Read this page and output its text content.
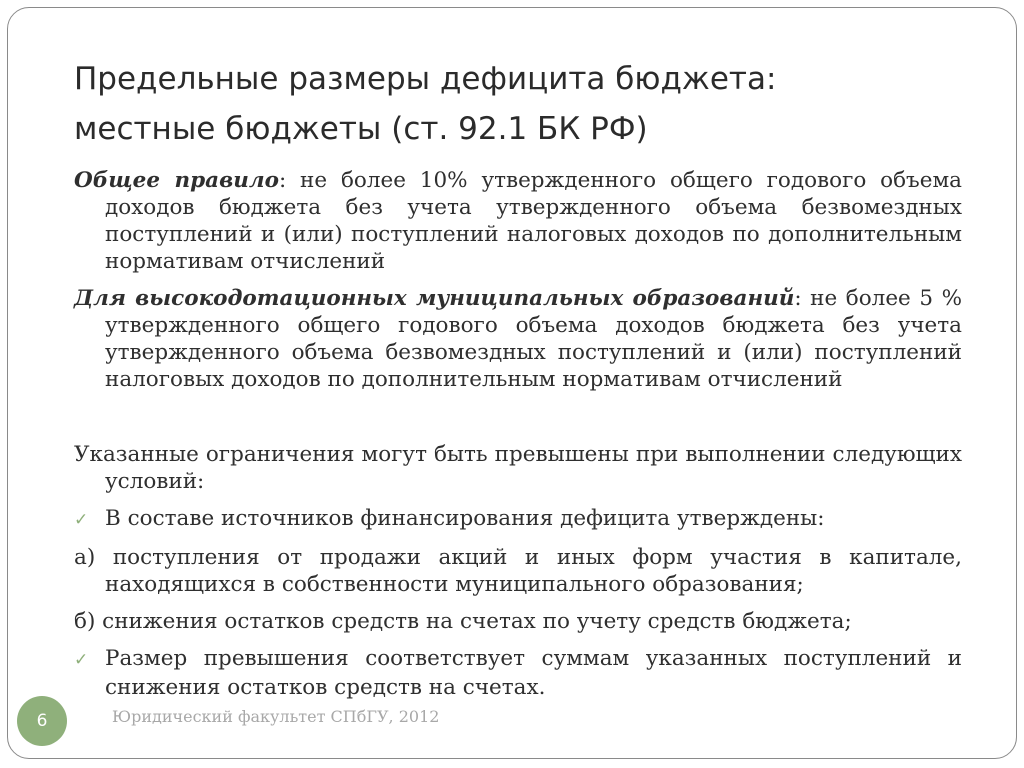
Предельные размеры дефицита бюджета:
местные бюджеты (ст. 92.1 БК РФ)
Общее правило: не более 10% утвержденного общего годового объема доходов бюджета без учета утвержденного объема безвомездных поступлений и (или) поступлений налоговых доходов по дополнительным нормативам отчислений
Для высокодотационных муниципальных образований: не более 5 % утвержденного общего годового объема доходов бюджета без учета утвержденного объема безвомездных поступлений и (или) поступлений налоговых доходов по дополнительным нормативам отчислений
Указанные ограничения могут быть превышены при выполнении следующих условий:
✓ В составе источников финансирования дефицита утверждены:
а) поступления от продажи акций и иных форм участия в капитале, находящихся в собственности муниципального образования;
б) снижения остатков средств на счетах по учету средств бюджета;
✓ Размер превышения соответствует суммам указанных поступлений и снижения остатков средств на счетах.
6	Юридический факультет СПбГУ, 2012
